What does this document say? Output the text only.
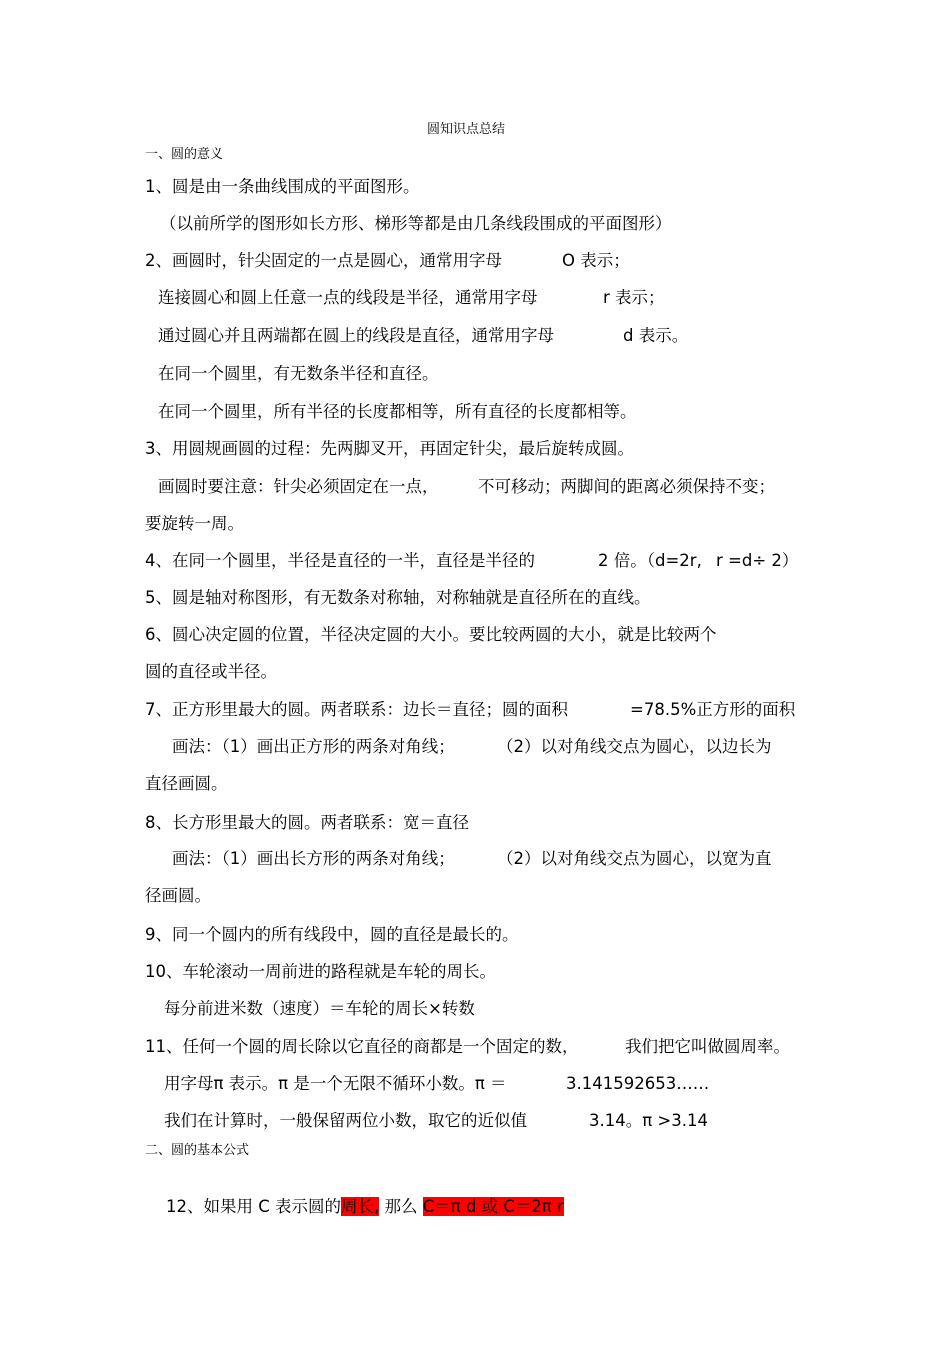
圆知识点总结
一、圆的意义
1、圆是由一条曲线围成的平面图形。
（以前所学的图形如长方形、梯形等都是由几条线段围成的平面图形）
2、画圆时，针尖固定的一点是圆心，通常用字母	O 表示；
连接圆心和圆上任意一点的线段是半径，通常用字母	r 表示；
通过圆心并且两端都在圆上的线段是直径，通常用字母	d 表示。
在同一个圆里，有无数条半径和直径。
在同一个圆里，所有半径的长度都相等，所有直径的长度都相等。
3、用圆规画圆的过程：先两脚叉开，再固定针尖，最后旋转成圆。
画圆时要注意：针尖必须固定在一点， 不可移动；两脚间的距离必须保持不变；
要旋转一周。
4、在同一个圆里，半径是直径的一半，直径是半径的	2 倍。（d=2r, r =d÷ 2）
5、圆是轴对称图形，有无数条对称轴，对称轴就是直径所在的直线。
6、圆心决定圆的位置，半径决定圆的大小。要比较两圆的大小，就是比较两个
圆的直径或半径。
7、正方形里最大的圆。两者联系：边长＝直径；圆的面积	=78.5%正方形的面积
画法：（1）画出正方形的两条对角线；	（2）以对角线交点为圆心，以边长为
直径画圆。
8、长方形里最大的圆。两者联系：宽＝直径
画法：（1）画出长方形的两条对角线；	（2）以对角线交点为圆心，以宽为直
径画圆。
9、同一个圆内的所有线段中，圆的直径是最长的。
10、车轮滚动一周前进的路程就是车轮的周长。
每分前进米数（速度）＝车轮的周长×转数
11、任何一个圆的周长除以它直径的商都是一个固定的数，	我们把它叫做圆周率。
用字母π 表示。π 是一个无限不循环小数。π ＝	3.141592653……
我们在计算时，一般保留两位小数，取它的近似值	3.14。π >3.14
二、圆的基本公式

12、如果用 C 表示圆的周长, 那么 C＝π d 或 C＝2π r
